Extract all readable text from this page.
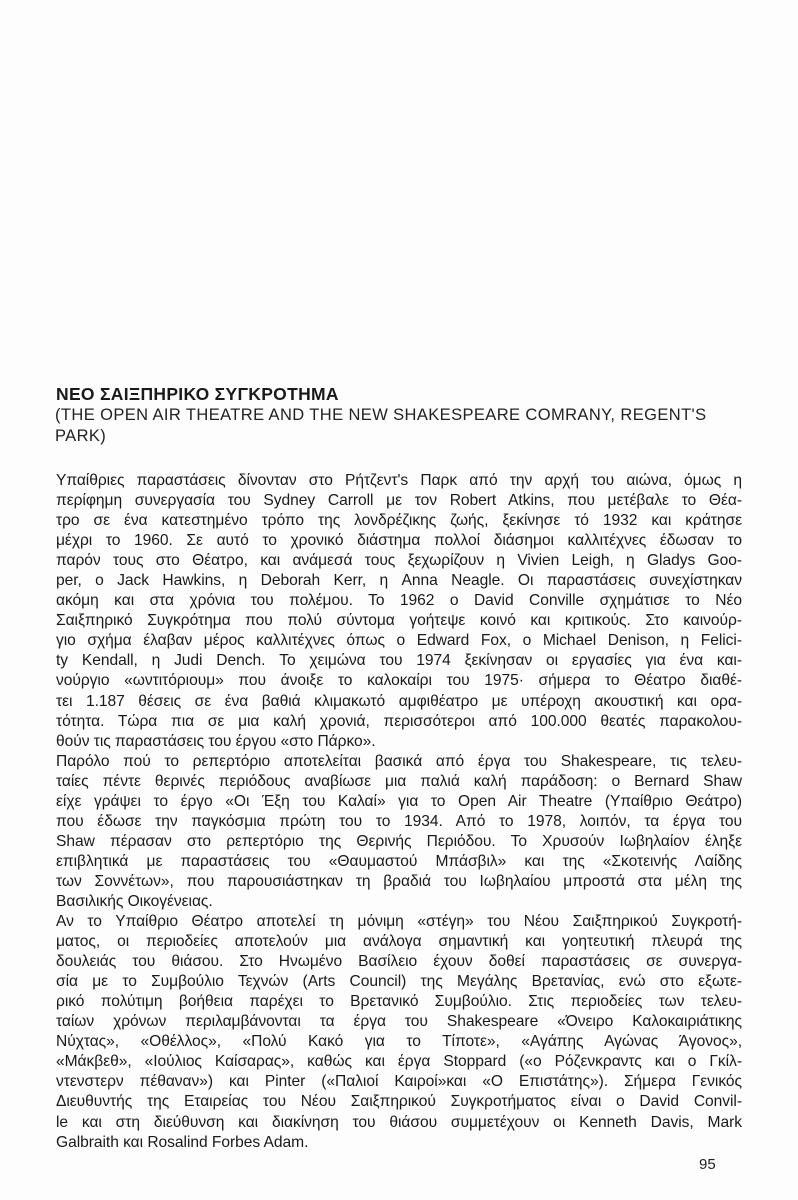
ΝΕΟ ΣΑΙΞΠΗΡΙΚΟ ΣΥΓΚΡΟΤΗΜΑ

(THE OPEN AIR THEATRE AND THE NEW SHAKESPEARE COMRANY, REGENT'S

PARK)

Υπαίθριες παραστάσεις δίνονταν στο Ρήτζεντ's Παρκ από την αρχή του αιώνα, όμως η
περίφημη συνεργασία του Sydney Carroll με τον Robert Atkins, που μετέβαλε το Θέα-
τρο σε ένα κατεστημένο τρόπο της λονδρέζικης ζωής, ξεκίνησε τό 1932 και κράτησε
μέχρι το 1960. Σε αυτό το χρονικό διάστημα πολλοί διάσημοι καλλιτέχνες έδωσαν το
παρόν τους στο Θέατρο, και ανάμεσά τους ξεχωρίζουν η Vivien Leigh, η Gladys Goo-
per, ο Jack Hawkins, η Deborah Kerr, η Anna Neagle. Οι παραστάσεις συνεχίστηκαν
ακόμη και στα χρόνια του πολέμου. Το 1962 ο David Conville σχημάτισε το Νέο
Σαιξπηρικό Συγκρότημα που πολύ σύντομα γοήτεψε κοινό και κριτικούς. Στο καινούρ-
γιο σχήμα έλαβαν μέρος καλλιτέχνες όπως ο Edward Fox, ο Michael Denison, η Felici-
ty Kendall, η Judi Dench. Το χειμώνα του 1974 ξεκίνησαν οι εργασίες για ένα και-
νούργιο «ωντιτόριουμ» που άνοιξε το καλοκαίρι του 1975· σήμερα το Θέατρο διαθέ-
τει 1.187 θέσεις σε ένα βαθιά κλιμακωτό αμφιθέατρο με υπέροχη ακουστική και ορα-
τότητα. Τώρα πια σε μια καλή χρονιά, περισσότεροι από 100.000 θεατές παρακολου-
θούν τις παραστάσεις του έργου «στο Πάρκο».
Παρόλο πού το ρεπερτόριο αποτελείται βασικά από έργα του Shakespeare, τις τελευ-
ταίες πέντε θερινές περιόδους αναβίωσε μια παλιά καλή παράδοση: ο Bernard Shaw
είχε γράψει το έργο «Οι Έξη του Καλαί» για το Open Air Theatre (Υπαίθριο Θεάτρο)
που έδωσε την παγκόσμια πρώτη του το 1934. Από το 1978, λοιπόν, τα έργα του
Shaw πέρασαν στο ρεπερτόριο της Θερινής Περιόδου. Το Χρυσούν Ιωβηλαίον έληξε
επιβλητικά με παραστάσεις του «Θαυμαστού Μπάσβιλ» και της «Σκοτεινής Λαίδης
των Σοννέτων», που παρουσιάστηκαν τη βραδιά του Ιωβηλαίου μπροστά στα μέλη της
Βασιλικής Οικογένειας.
Αν το Υπαίθριο Θέατρο αποτελεί τη μόνιμη «στέγη» του Νέου Σαιξπηρικού Συγκροτή-
ματος, οι περιοδείες αποτελούν μια ανάλογα σημαντική και γοητευτική πλευρά της
δουλειάς του θιάσου. Στο Ηνωμένο Βασίλειο έχουν δοθεί παραστάσεις σε συνεργα-
σία με το Συμβούλιο Τεχνών (Arts Council) της Μεγάλης Βρετανίας, ενώ στο εξωτε-
ρικό πολύτιμη βοήθεια παρέχει το Βρετανικό Συμβούλιο. Στις περιοδείες των τελευ-
ταίων χρόνων περιλαμβάνονται τα έργα του Shakespeare «Όνειρο Καλοκαιριάτικης
Νύχτας», «Οθέλλος», «Πολύ Κακό για το Τίποτε», «Αγάπης Αγώνας Άγονος»,
«Μάκβεθ», «Ιούλιος Καίσαρας», καθώς και έργα Stoppard («ο Ρόζενκραντς και ο Γκίλ-
ντενστερν πέθαναν») και Pinter («Παλιοί Καιροί»και «Ο Επιστάτης»). Σήμερα Γενικός
Διευθυντής της Εταιρείας του Νέου Σαιξπηρικού Συγκροτήματος είναι ο David Convil-
le και στη διεύθυνση και διακίνηση του θιάσου συμμετέχουν οι Kenneth Davis, Mark
Galbraith και Rosalind Forbes Adam.
95
